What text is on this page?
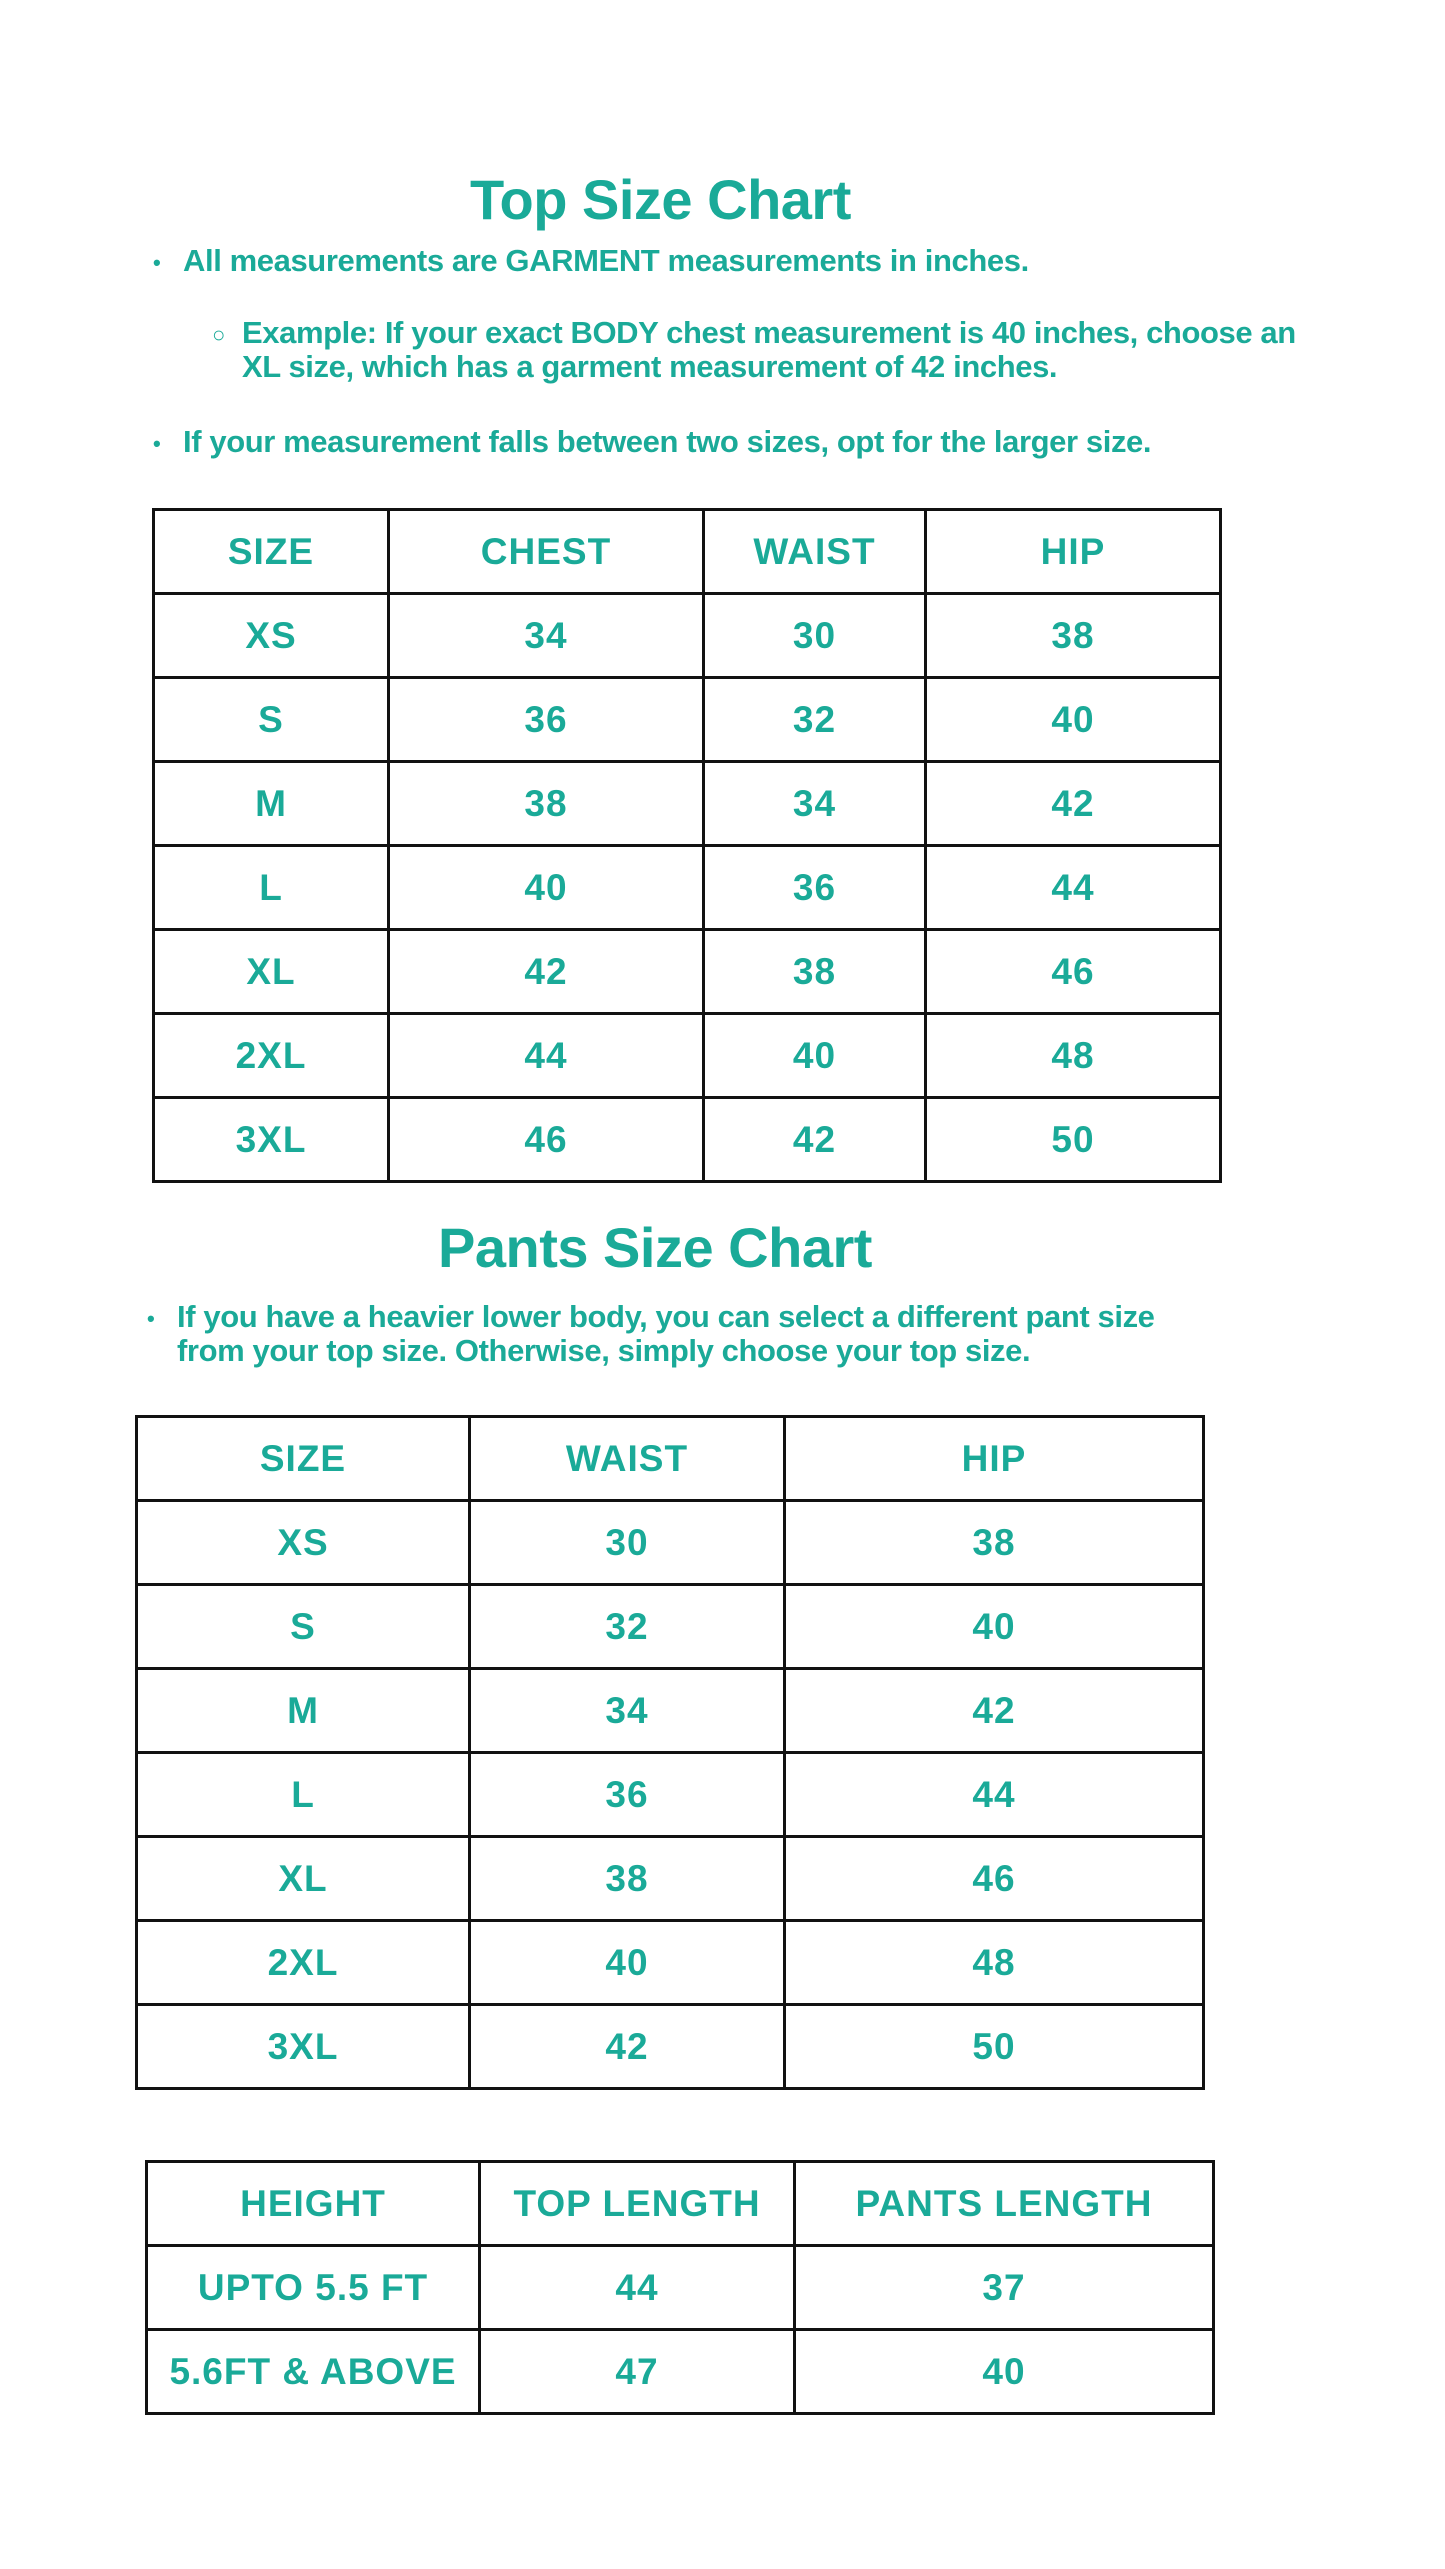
Top Size Chart

• All measurements are GARMENT measurements in inches.

○ Example: If your exact BODY chest measurement is 40 inches, choose an
XL size, which has a garment measurement of 42 inches.

• If your measurement falls between two sizes, opt for the larger size.

SIZE	CHEST	WAIST	HIP
XS	34	30	38
S	36	32	40
M	38	34	42
L	40	36	44
XL	42	38	46
2XL	44	40	48
3XL	46	42	50
Pants Size Chart

• If you have a heavier lower body, you can select a different pant size
from your top size. Otherwise, simply choose your top size.

SIZE	WAIST	HIP
XS	30	38
S	32	40
M	34	42
L	36	44
XL	38	46
2XL	40	48
3XL	42	50
HEIGHT	TOP LENGTH	PANTS LENGTH
UPTO 5.5 FT	44	37
5.6FT & ABOVE	47	40
